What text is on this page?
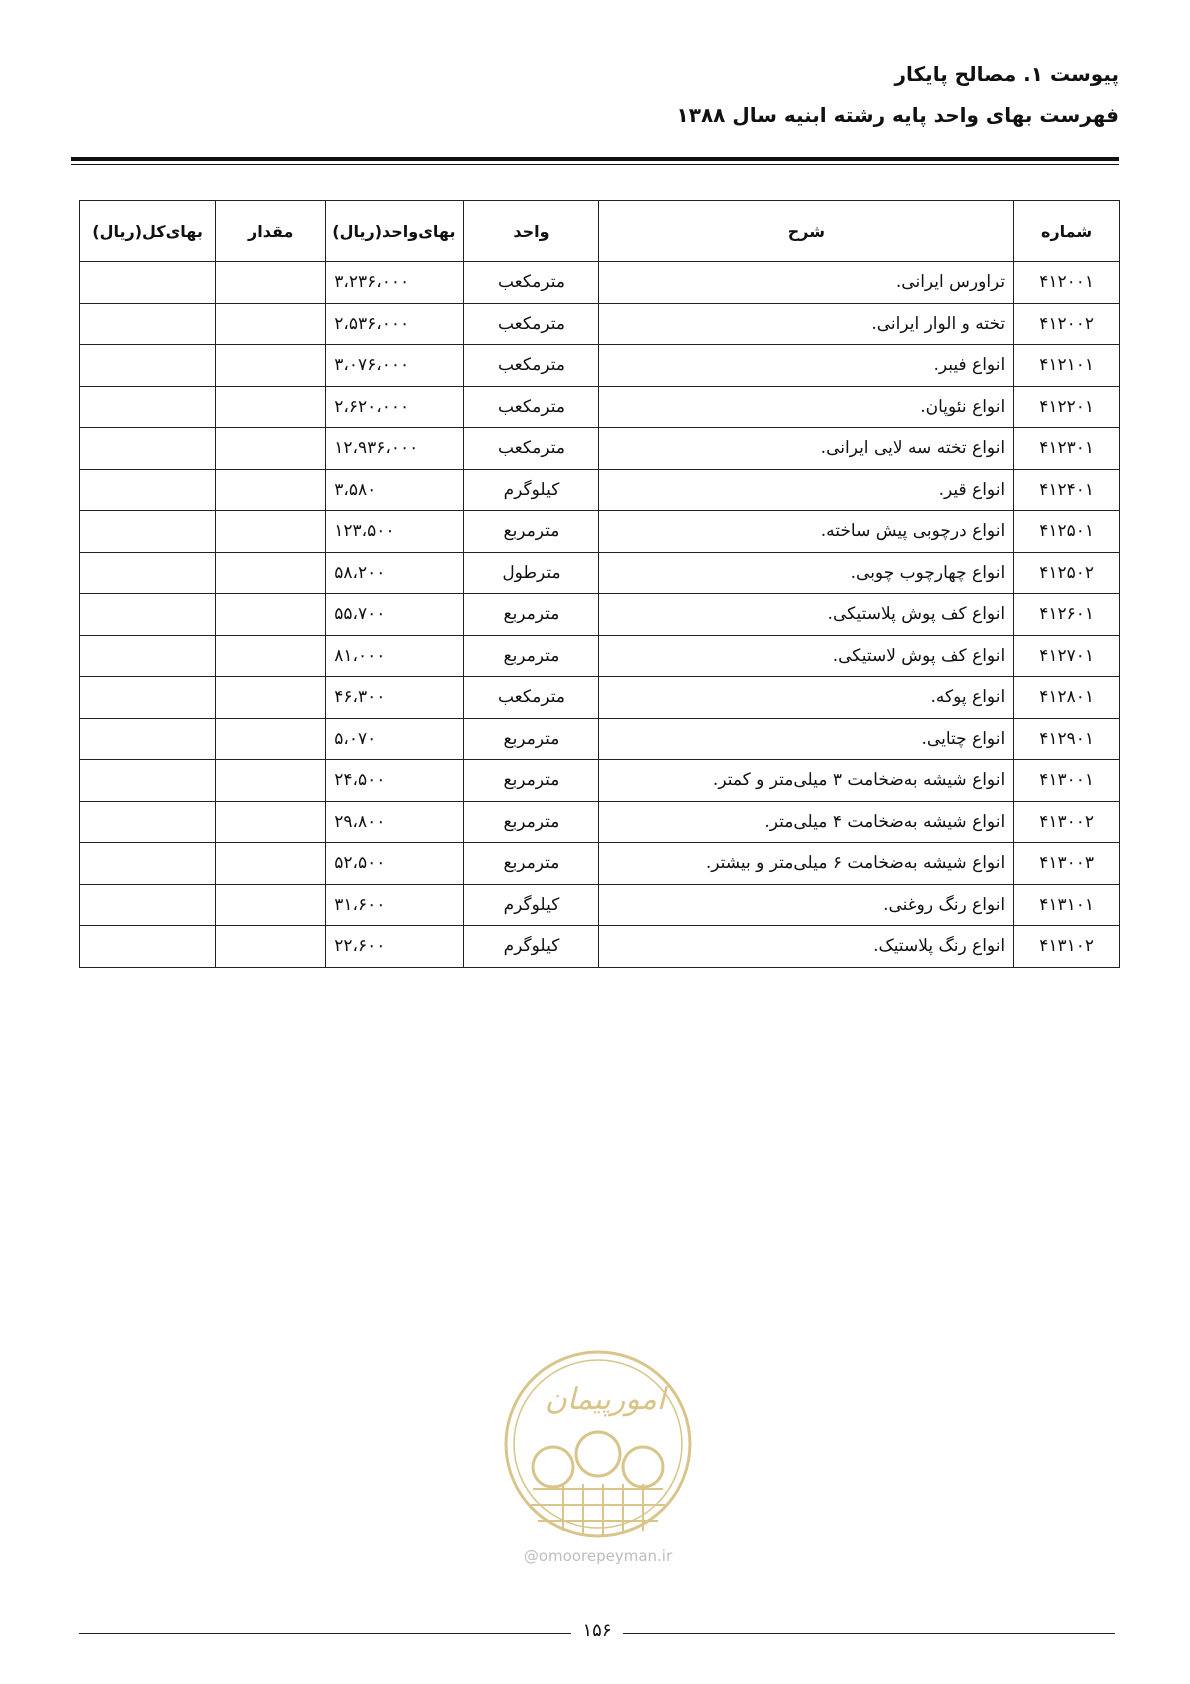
پیوست ۱. مصالح پایکار
فهرست بهای واحد پایه رشته ابنیه سال ۱۳۸۸
شماره	شرح	واحد	بهای‌واحد(ریال)	مقدار	بهای‌کل(ریال)
۴۱۲۰۰۱	تراورس ایرانی.	مترمکعب	۳،۲۳۶،۰۰۰		
۴۱۲۰۰۲	تخته و الوار ایرانی.	مترمکعب	۲،۵۳۶،۰۰۰		
۴۱۲۱۰۱	انواع فیبر.	مترمکعب	۳،۰۷۶،۰۰۰		
۴۱۲۲۰۱	انواع نئوپان.	مترمکعب	۲،۶۲۰،۰۰۰		
۴۱۲۳۰۱	انواع تخته سه لایی ایرانی.	مترمکعب	۱۲،۹۳۶،۰۰۰		
۴۱۲۴۰۱	انواع قیر.	کیلوگرم	۳،۵۸۰		
۴۱۲۵۰۱	انواع درچوبی پیش ساخته.	مترمربع	۱۲۳،۵۰۰		
۴۱۲۵۰۲	انواع چهارچوب چوبی.	مترطول	۵۸،۲۰۰		
۴۱۲۶۰۱	انواع کف پوش پلاستیکی.	مترمربع	۵۵،۷۰۰		
۴۱۲۷۰۱	انواع کف پوش لاستیکی.	مترمربع	۸۱،۰۰۰		
۴۱۲۸۰۱	انواع پوکه.	مترمکعب	۴۶،۳۰۰		
۴۱۲۹۰۱	انواع چتایی.	مترمربع	۵،۰۷۰		
۴۱۳۰۰۱	انواع شیشه به‌ضخامت ۳ میلی‌متر و کمتر.	مترمربع	۲۴،۵۰۰		
۴۱۳۰۰۲	انواع شیشه به‌ضخامت ۴ میلی‌متر.	مترمربع	۲۹،۸۰۰		
۴۱۳۰۰۳	انواع شیشه به‌ضخامت ۶ میلی‌متر و بیشتر.	مترمربع	۵۲،۵۰۰		
۴۱۳۱۰۱	انواع رنگ روغنی.	کیلوگرم	۳۱،۶۰۰		
۴۱۳۱۰۲	انواع رنگ پلاستیک.	کیلوگرم	۲۲،۶۰۰		
امورپیمان
@omoorepeyman.ir
۱۵۶
